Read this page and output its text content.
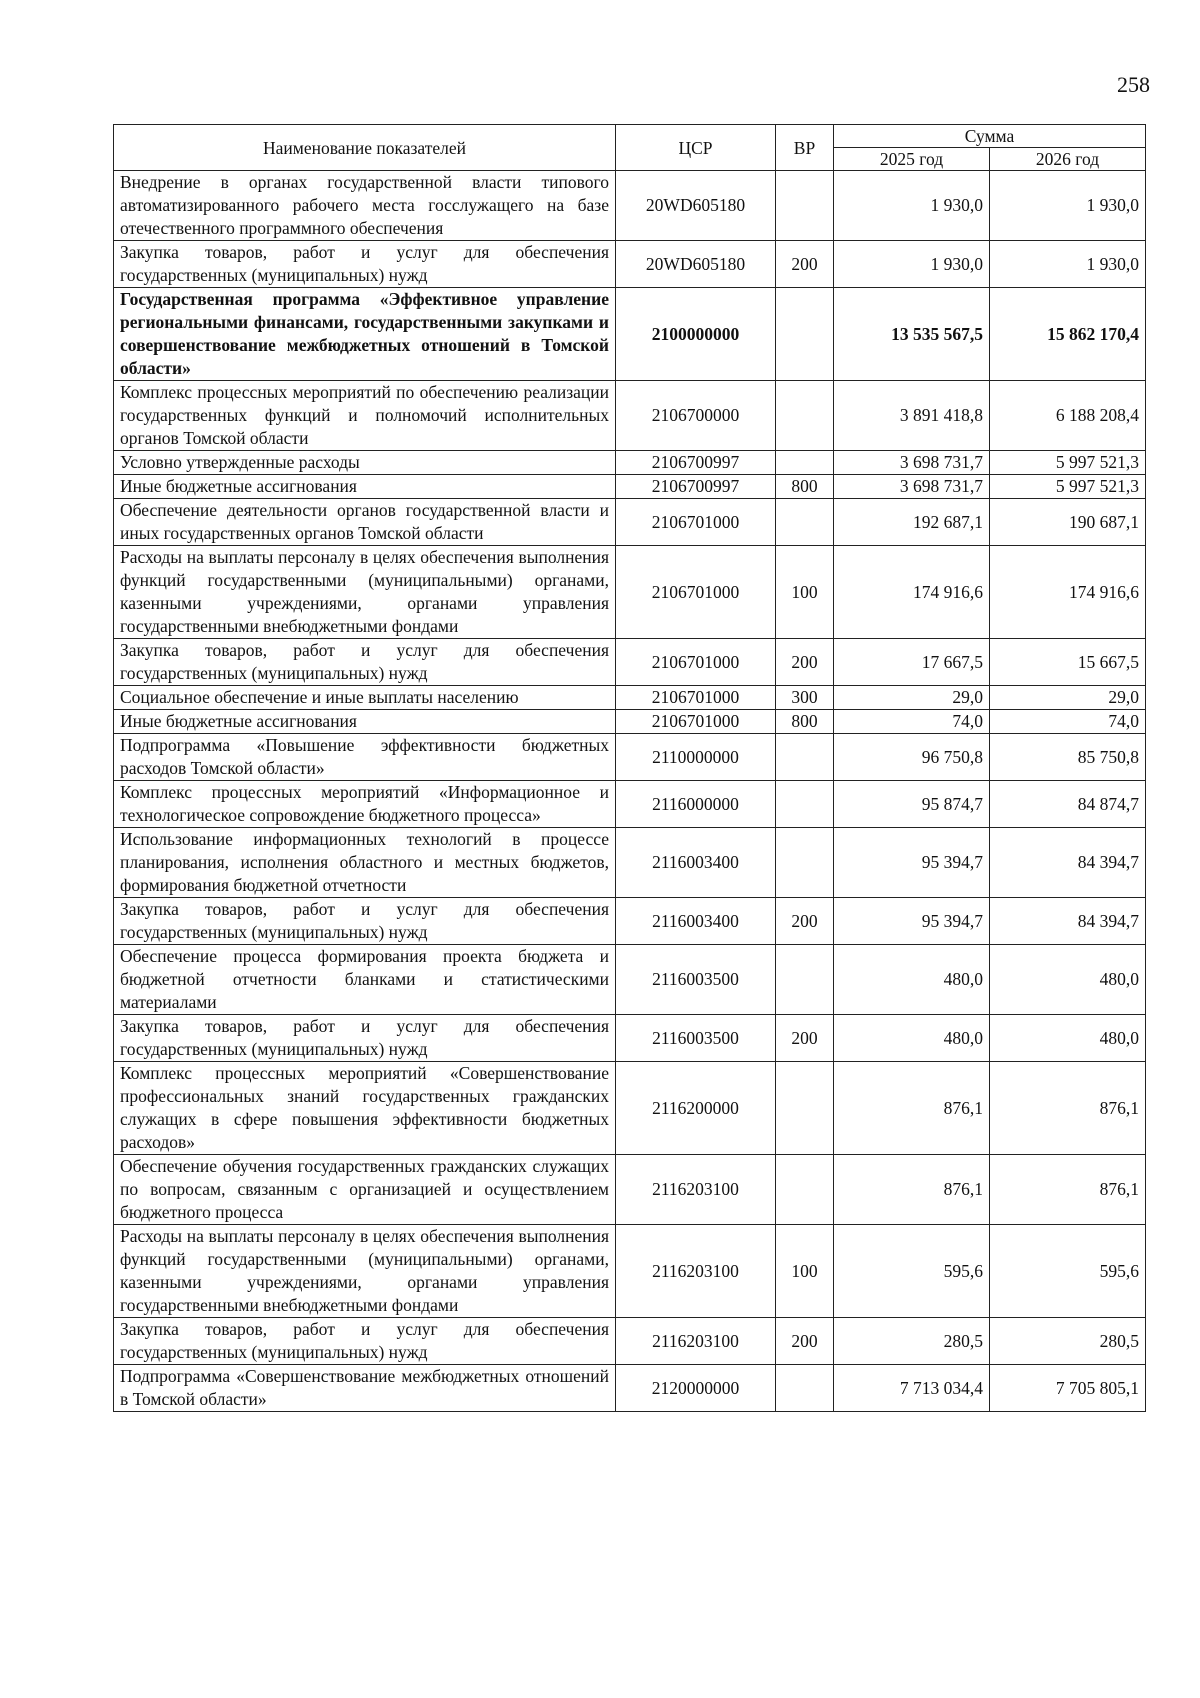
258
Наименование показателей	ЦСР	ВР	Сумма	
			2025 год	2026 год
Внедрение в органах государственной власти типового автоматизированного рабочего места госслужащего на базе отечественного программного обеспечения	20WD605180		1 930,0	1 930,0
Закупка товаров, работ и услуг для обеспечения государственных (муниципальных) нужд	20WD605180	200	1 930,0	1 930,0
Государственная программа «Эффективное управление региональными финансами, государственными закупками и совершенствование межбюджетных отношений в Томской области»	2100000000		13 535 567,5	15 862 170,4
Комплекс процессных мероприятий по обеспечению реализации государственных функций и полномочий исполнительных органов Томской области	2106700000		3 891 418,8	6 188 208,4
Условно утвержденные расходы	2106700997		3 698 731,7	5 997 521,3
Иные бюджетные ассигнования	2106700997	800	3 698 731,7	5 997 521,3
Обеспечение деятельности органов государственной власти и иных государственных органов Томской области	2106701000		192 687,1	190 687,1
Расходы на выплаты персоналу в целях обеспечения выполнения функций государственными (муниципальными) органами, казенными учреждениями, органами управления государственными внебюджетными фондами	2106701000	100	174 916,6	174 916,6
Закупка товаров, работ и услуг для обеспечения государственных (муниципальных) нужд	2106701000	200	17 667,5	15 667,5
Социальное обеспечение и иные выплаты населению	2106701000	300	29,0	29,0
Иные бюджетные ассигнования	2106701000	800	74,0	74,0
Подпрограмма «Повышение эффективности бюджетных расходов Томской области»	2110000000		96 750,8	85 750,8
Комплекс процессных мероприятий «Информационное и технологическое сопровождение бюджетного процесса»	2116000000		95 874,7	84 874,7
Использование информационных технологий в процессе планирования, исполнения областного и местных бюджетов, формирования бюджетной отчетности	2116003400		95 394,7	84 394,7
Закупка товаров, работ и услуг для обеспечения государственных (муниципальных) нужд	2116003400	200	95 394,7	84 394,7
Обеспечение процесса формирования проекта бюджета и бюджетной отчетности бланками и статистическими материалами	2116003500		480,0	480,0
Закупка товаров, работ и услуг для обеспечения государственных (муниципальных) нужд	2116003500	200	480,0	480,0
Комплекс процессных мероприятий «Совершенствование профессиональных знаний государственных гражданских служащих в сфере повышения эффективности бюджетных расходов»	2116200000		876,1	876,1
Обеспечение обучения государственных гражданских служащих по вопросам, связанным с организацией и осуществлением бюджетного процесса	2116203100		876,1	876,1
Расходы на выплаты персоналу в целях обеспечения выполнения функций государственными (муниципальными) органами, казенными учреждениями, органами управления государственными внебюджетными фондами	2116203100	100	595,6	595,6
Закупка товаров, работ и услуг для обеспечения государственных (муниципальных) нужд	2116203100	200	280,5	280,5
Подпрограмма «Совершенствование межбюджетных отношений в Томской области»	2120000000		7 713 034,4	7 705 805,1
